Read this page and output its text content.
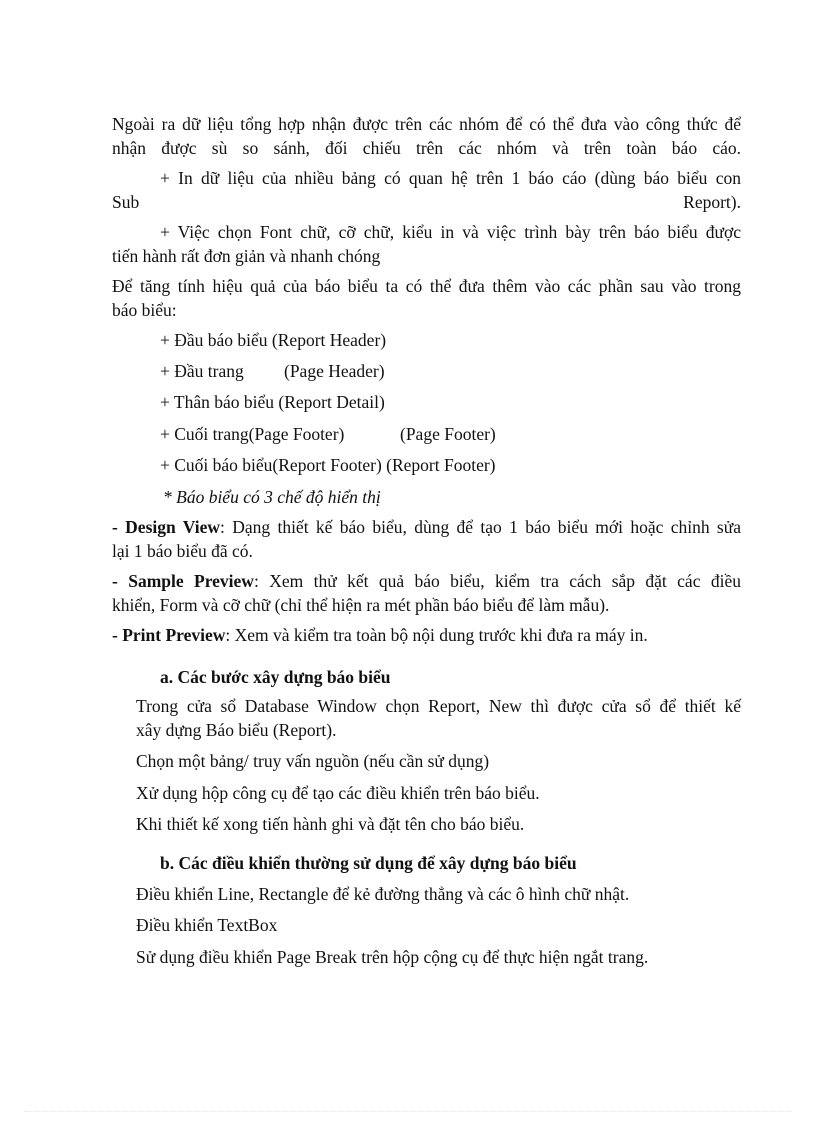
Ngoài ra dữ liệu tổng hợp nhận được trên các nhóm để có thể đưa vào công thức để
nhận được sù so sánh, đối chiếu trên các nhóm và trên toàn báo cáo.

+ In dữ liệu của nhiều bảng có quan hệ trên 1 báo cáo (dùng báo biểu con
Sub	Report).

+ Việc chọn Font chữ, cỡ chữ, kiểu in và việc trình bày trên báo biểu được
tiến hành rất đơn giản và nhanh chóng

Để tăng tính hiệu quả của báo biểu ta có thể đưa thêm vào các phần sau vào trong
báo biểu:

+ Đầu báo biểu (Report Header)
+ Đầu trang (Page Header)
+ Thân báo biểu (Report Detail)
+ Cuối trang(Page Footer)	(Page Footer)
+ Cuối báo biểu(Report Footer) (Report Footer)
* Báo biểu có 3 chế độ hiển thị

- Design View: Dạng thiết kế báo biểu, dùng để tạo 1 báo biểu mới hoặc chỉnh sửa
lại 1 báo biểu đã có.

- Sample Preview: Xem thử kết quả báo biểu, kiểm tra cách sắp đặt các điều
khiển, Form và cỡ chữ (chỉ thể hiện ra mét phần báo biểu để làm mẫu).

- Print Preview: Xem và kiểm tra toàn bộ nội dung trước khi đưa ra máy in.

a. Các bước xây dựng báo biểu

Trong cửa sổ Database Window chọn Report, New thì được cửa sổ để thiết kế
xây dựng Báo biểu (Report).

Chọn một bảng/ truy vấn nguồn (nếu cần sử dụng)
Xử dụng hộp công cụ để tạo các điều khiển trên báo biểu.
Khi thiết kế xong tiến hành ghi và đặt tên cho báo biểu.
b. Các điều khiển thường sử dụng để xây dựng báo biểu
Điều khiển Line, Rectangle để kẻ đường thẳng và các ô hình chữ nhật.
Điều khiển TextBox
Sử dụng điều khiển Page Break trên hộp cộng cụ để thực hiện ngắt trang.
